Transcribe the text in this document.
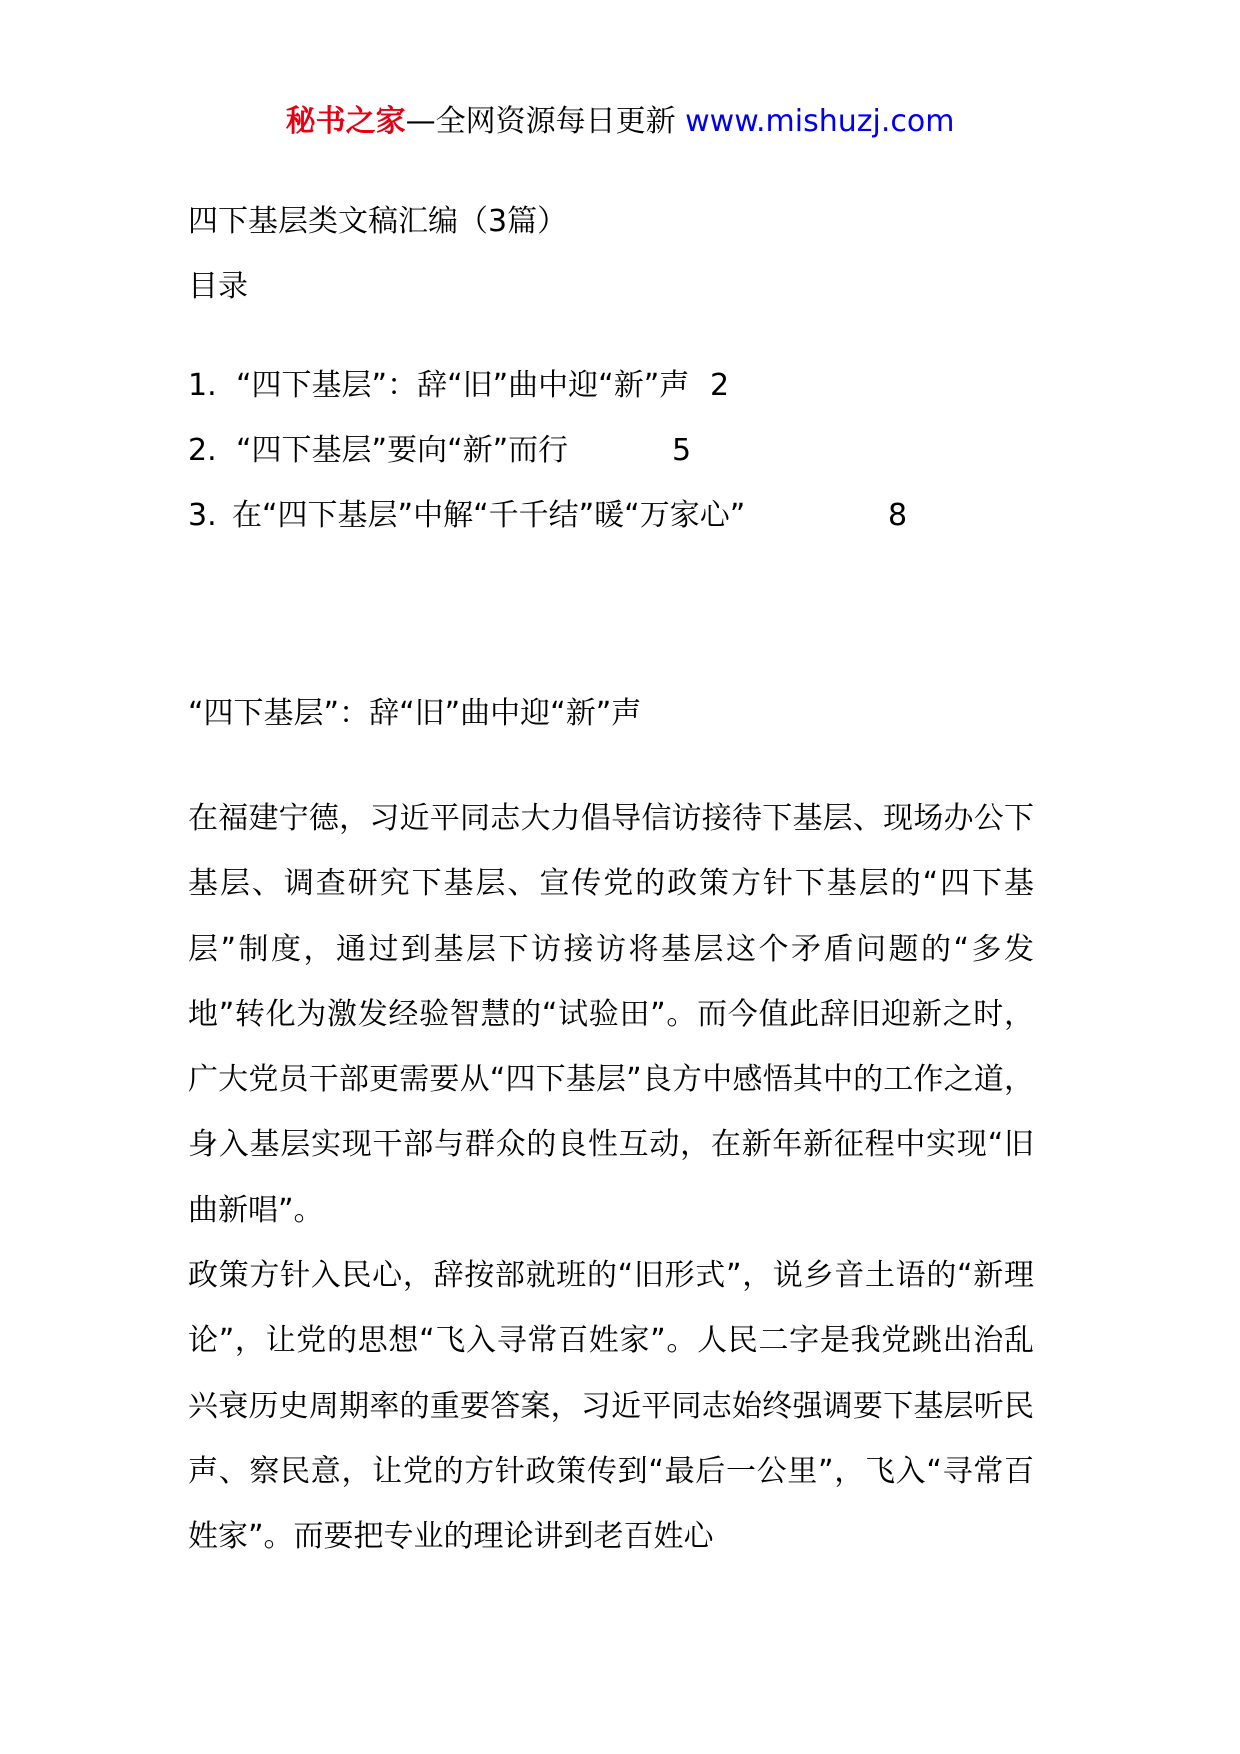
秘书之家—全网资源每日更新 www.mishuzj.com
四下基层类文稿汇编（3篇）
目录
1. “四下基层”：辞“旧”曲中迎“新”声 2
2. “四下基层”要向“新”而行	5
3. 在“四下基层”中解“千千结”暖“万家心”	8
“四下基层”：辞“旧”曲中迎“新”声

在福建宁德，习近平同志大力倡导信访接待下基层、现场办公下基层、调查研究下基层、宣传党的政策方针下基层的“四下基层”制度，通过到基层下访接访将基层这个矛盾问题的“多发地”转化为激发经验智慧的“试验田”。而今值此辞旧迎新之时，广大党员干部更需要从“四下基层”良方中感悟其中的工作之道，身入基层实现干部与群众的良性互动，在新年新征程中实现“旧曲新唱”。

政策方针入民心，辞按部就班的“旧形式”，说乡音土语的“新理论”，让党的思想“飞入寻常百姓家”。人民二字是我党跳出治乱兴衰历史周期率的重要答案，习近平同志始终强调要下基层听民声、察民意，让党的方针政策传到“最后一公里”，飞入“寻常百姓家”。而要把专业的理论讲到老百姓心
